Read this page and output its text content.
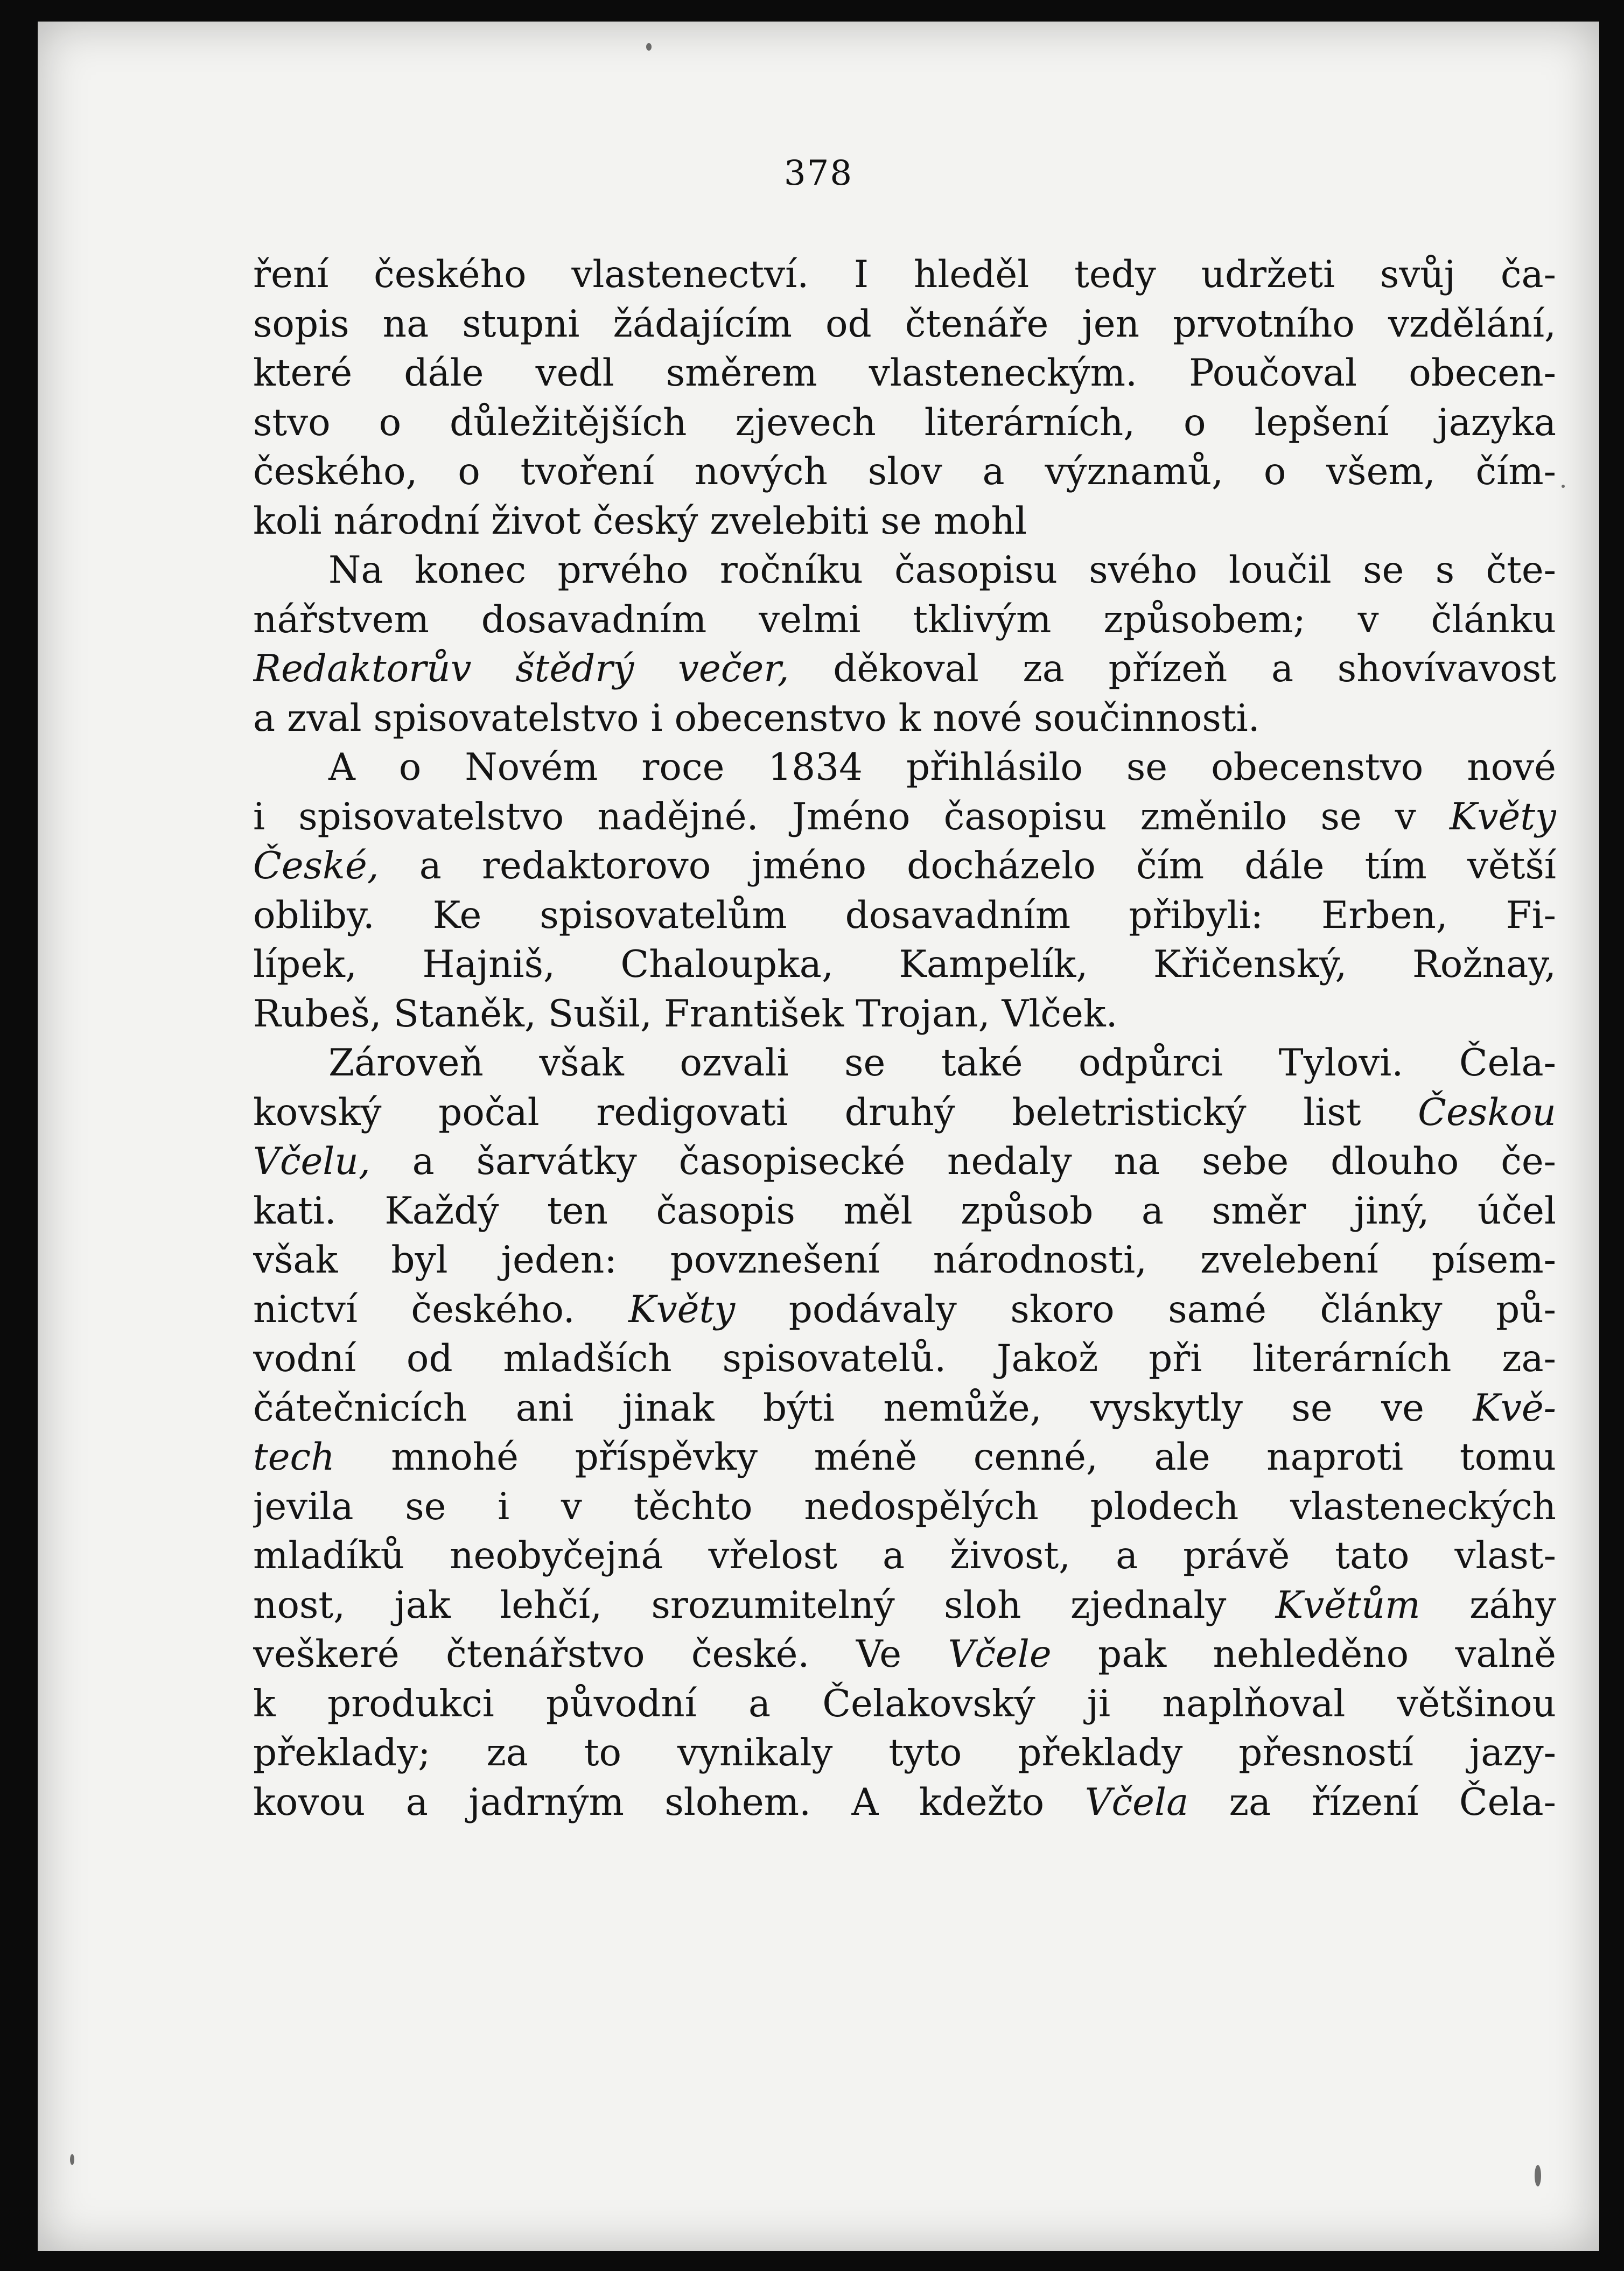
378
ření českého vlastenectví. I hleděl tedy udržeti svůj ča-
sopis na stupni žádajícím od čtenáře jen prvotního vzdělání,
které dále vedl směrem vlasteneckým. Poučoval obecen-
stvo o důležitějších zjevech literárních, o lepšení jazyka
českého, o tvoření nových slov a významů, o všem, čím-
koli národní život český zvelebiti se mohl
Na konec prvého ročníku časopisu svého loučil se s čte-
nářstvem dosavadním velmi tklivým způsobem; v článku
Redaktorův štědrý večer, děkoval za přízeň a shovívavost
a zval spisovatelstvo i obecenstvo k nové součinnosti.
A o Novém roce 1834 přihlásilo se obecenstvo nové
i spisovatelstvo nadějné. Jméno časopisu změnilo se v Květy
České, a redaktorovo jméno docházelo čím dále tím větší
obliby. Ke spisovatelům dosavadním přibyli: Erben, Fi-
lípek, Hajniš, Chaloupka, Kampelík, Křičenský, Rožnay,
Rubeš, Staněk, Sušil, František Trojan, Vlček.
Zároveň však ozvali se také odpůrci Tylovi. Čela-
kovský počal redigovati druhý beletristický list Českou
Včelu, a šarvátky časopisecké nedaly na sebe dlouho če-
kati. Každý ten časopis měl způsob a směr jiný, účel
však byl jeden: povznešení národnosti, zvelebení písem-
nictví českého. Květy podávaly skoro samé články pů-
vodní od mladších spisovatelů. Jakož při literárních za-
čátečnicích ani jinak býti nemůže, vyskytly se ve Kvě-
tech mnohé příspěvky méně cenné, ale naproti tomu
jevila se i v těchto nedospělých plodech vlasteneckých
mladíků neobyčejná vřelost a živost, a právě tato vlast-
nost, jak lehčí, srozumitelný sloh zjednaly Květům záhy
veškeré čtenářstvo české. Ve Včele pak nehleděno valně
k produkci původní a Čelakovský ji naplňoval většinou
překlady; za to vynikaly tyto překlady přesností jazy-
kovou a jadrným slohem. A kdežto Včela za řízení Čela-
